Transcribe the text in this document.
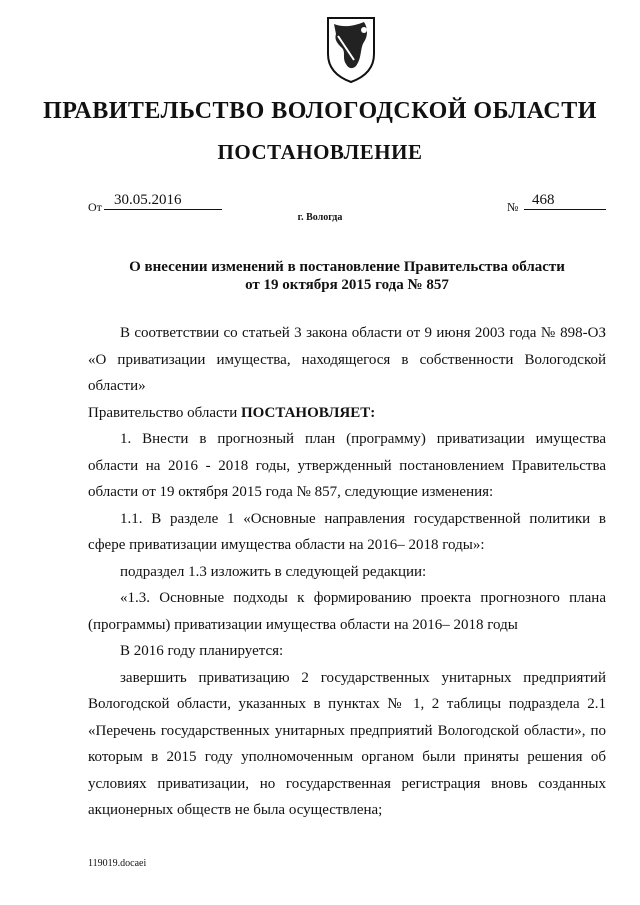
ПРАВИТЕЛЬСТВО ВОЛОГОДСКОЙ ОБЛАСТИ
ПОСТАНОВЛЕНИЕ
От 30.05.2016	№ 468
г. Вологда
О внесении изменений в постановление Правительства области
от 19 октября 2015 года № 857

В соответствии со статьей 3 закона области от 9 июня 2003 года № 898-ОЗ «О приватизации имущества, находящегося в собственности Вологодской области»

Правительство области ПОСТАНОВЛЯЕТ:

1. Внести в прогнозный план (программу) приватизации имущества области на 2016 - 2018 годы, утвержденный постановлением Правительства области от 19 октября 2015 года № 857, следующие изменения:

1.1. В разделе 1 «Основные направления государственной политики в сфере приватизации имущества области на 2016– 2018 годы»:

подраздел 1.3 изложить в следующей редакции:

«1.3. Основные подходы к формированию проекта прогнозного плана (программы) приватизации имущества области на 2016– 2018 годы

В 2016 году планируется:

завершить приватизацию 2 государственных унитарных предприятий Вологодской области, указанных в пунктах № 1, 2 таблицы подраздела 2.1 «Перечень государственных унитарных предприятий Вологодской области», по которым в 2015 году уполномоченным органом были приняты решения об условиях приватизации, но государственная регистрация вновь созданных акционерных обществ не была осуществлена;

119019.docaei
